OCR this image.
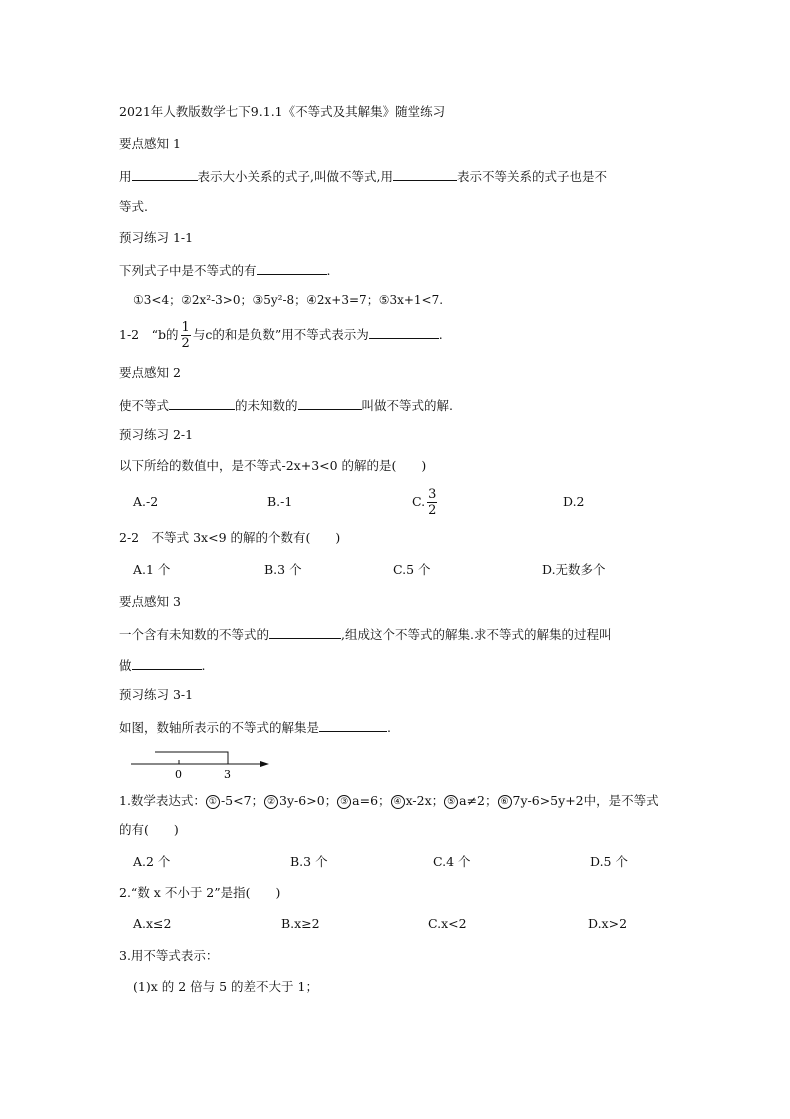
2021年人教版数学七下9.1.1《不等式及其解集》随堂练习
要点感知 1
用	表示大小关系的式子,叫做不等式,用	表示不等关系的式子也是不
等式.
预习练习 1-1
下列式子中是不等式的有	.
①3<4；②2x²-3>0；③5y²-8；④2x+3=7；⑤3x+1<7.
1-2　“b的 $\frac{1}{2}$ 与c的和是负数”用不等式表示为	.
要点感知 2
使不等式	的未知数的	叫做不等式的解.
预习练习 2-1
以下所给的数值中，是不等式-2x+3<0 的解的是(　　)
A.-2	B.-1	C. $\frac{3}{2}$	D.2
2-2　不等式 3x<9 的解的个数有(　　)
A.1 个	B.3 个	C.5 个	D.无数多个
要点感知 3
一个含有未知数的不等式的	,组成这个不等式的解集.求不等式的解集的过程叫
做	.
预习练习 3-1
如图，数轴所表示的不等式的解集是	.
0	3
1.数学表达式： ① -5<7； ② 3y-6>0； ③ a=6； ④ x-2x； ⑤ a≠2； ⑥ 7y-6>5y+2中，是不等式
的有(　　)
A.2 个	B.3 个	C.4 个	D.5 个
2.“数 x 不小于 2”是指(　　)
A.x≤2	B.x≥2	C.x<2	D.x>2
3.用不等式表示：
(1)x 的 2 倍与 5 的差不大于 1；
